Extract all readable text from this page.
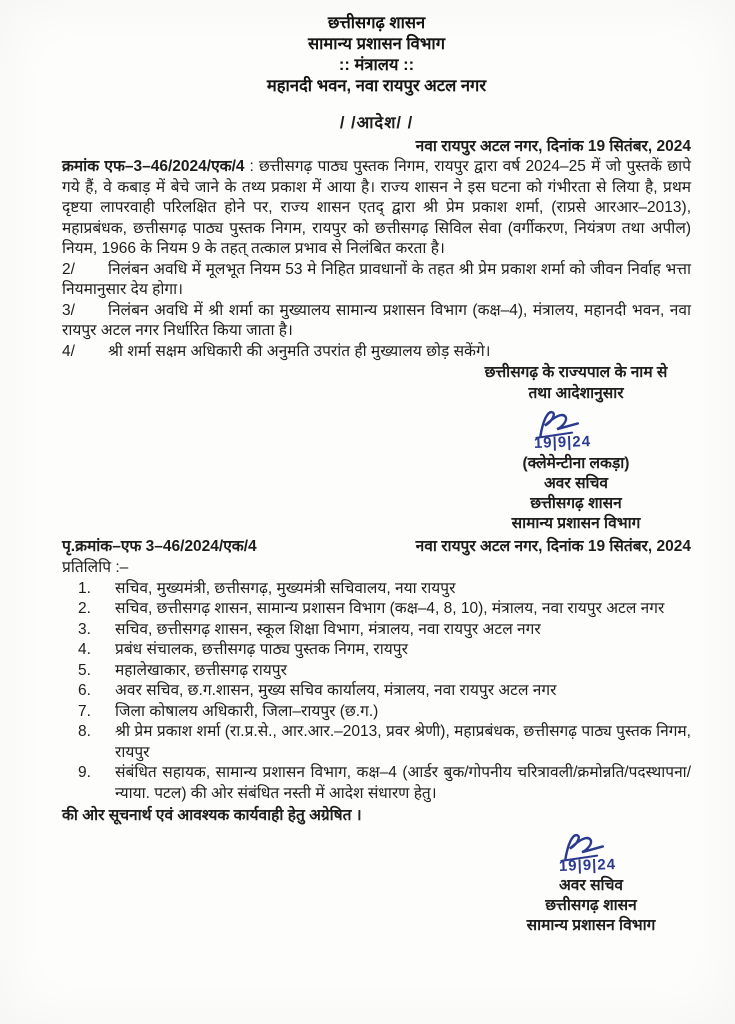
छत्तीसगढ़ शासन
सामान्य प्रशासन विभाग
:: मंत्रालय ::
महानदी भवन, नवा रायपुर अटल नगर
/ /आदेश/ /
नवा रायपुर अटल नगर, दिनांक 19 सितंबर, 2024

क्रमांक एफ–3–46/2024/एक/4 : छत्तीसगढ़ पाठ्य पुस्तक निगम, रायपुर द्वारा वर्ष 2024–25 में जो पुस्तकें छापे गये हैं, वे कबाड़ में बेचे जाने के तथ्य प्रकाश में आया है। राज्य शासन ने इस घटना को गंभीरता से लिया है, प्रथम दृष्टया लापरवाही परिलक्षित होने पर, राज्य शासन एतद् द्वारा श्री प्रेम प्रकाश शर्मा, (राप्रसे आरआर–2013), महाप्रबंधक, छत्तीसगढ़ पाठ्य पुस्तक निगम, रायपुर को छत्तीसगढ़ सिविल सेवा (वर्गीकरण, नियंत्रण तथा अपील) नियम, 1966 के नियम 9 के तहत् तत्काल प्रभाव से निलंबित करता है।

2/ निलंबन अवधि में मूलभूत नियम 53 मे निहित प्रावधानों के तहत श्री प्रेम प्रकाश शर्मा को जीवन निर्वाह भत्ता नियमानुसार देय होगा।

3/ निलंबन अवधि में श्री शर्मा का मुख्यालय सामान्य प्रशासन विभाग (कक्ष–4), मंत्रालय, महानदी भवन, नवा रायपुर अटल नगर निर्धारित किया जाता है।

4/ श्री शर्मा सक्षम अधिकारी की अनुमति उपरांत ही मुख्यालय छोड़ सकेंगे।

छत्तीसगढ़ के राज्यपाल के नाम से
तथा आदेशानुसार
19|9|24
(क्लेमेन्टीना लकड़ा)
अवर सचिव
छत्तीसगढ़ शासन
सामान्य प्रशासन विभाग
पृ.क्रमांक–एफ 3–46/2024/एक/4	नवा रायपुर अटल नगर, दिनांक 19 सितंबर, 2024
प्रतिलिपि :–
1.	सचिव, मुख्यमंत्री, छत्तीसगढ़, मुख्यमंत्री सचिवालय, नया रायपुर
2.	सचिव, छत्तीसगढ़ शासन, सामान्य प्रशासन विभाग (कक्ष–4, 8, 10), मंत्रालय, नवा रायपुर अटल नगर
3.	सचिव, छत्तीसगढ़ शासन, स्कूल शिक्षा विभाग, मंत्रालय, नवा रायपुर अटल नगर
4.	प्रबंध संचालक, छत्तीसगढ़ पाठ्य पुस्तक निगम, रायपुर
5.	महालेखाकार, छत्तीसगढ़ रायपुर
6.	अवर सचिव, छ.ग.शासन, मुख्य सचिव कार्यालय, मंत्रालय, नवा रायपुर अटल नगर
7.	जिला कोषालय अधिकारी, जिला–रायपुर (छ.ग.)
8.	श्री प्रेम प्रकाश शर्मा (रा.प्र.से., आर.आर.–2013, प्रवर श्रेणी), महाप्रबंधक, छत्तीसगढ़ पाठ्य पुस्तक निगम, रायपुर
9.	संबंधित सहायक, सामान्य प्रशासन विभाग, कक्ष–4 (आर्डर बुक/गोपनीय चरित्रावली/क्रमोन्नति/पदस्थापना/न्याया. पटल) की ओर संबंधित नस्ती में आदेश संधारण हेतु।
की ओर सूचनार्थ एवं आवश्यक कार्यवाही हेतु अग्रेषित ।
19|9|24
अवर सचिव
छत्तीसगढ़ शासन
सामान्य प्रशासन विभाग
